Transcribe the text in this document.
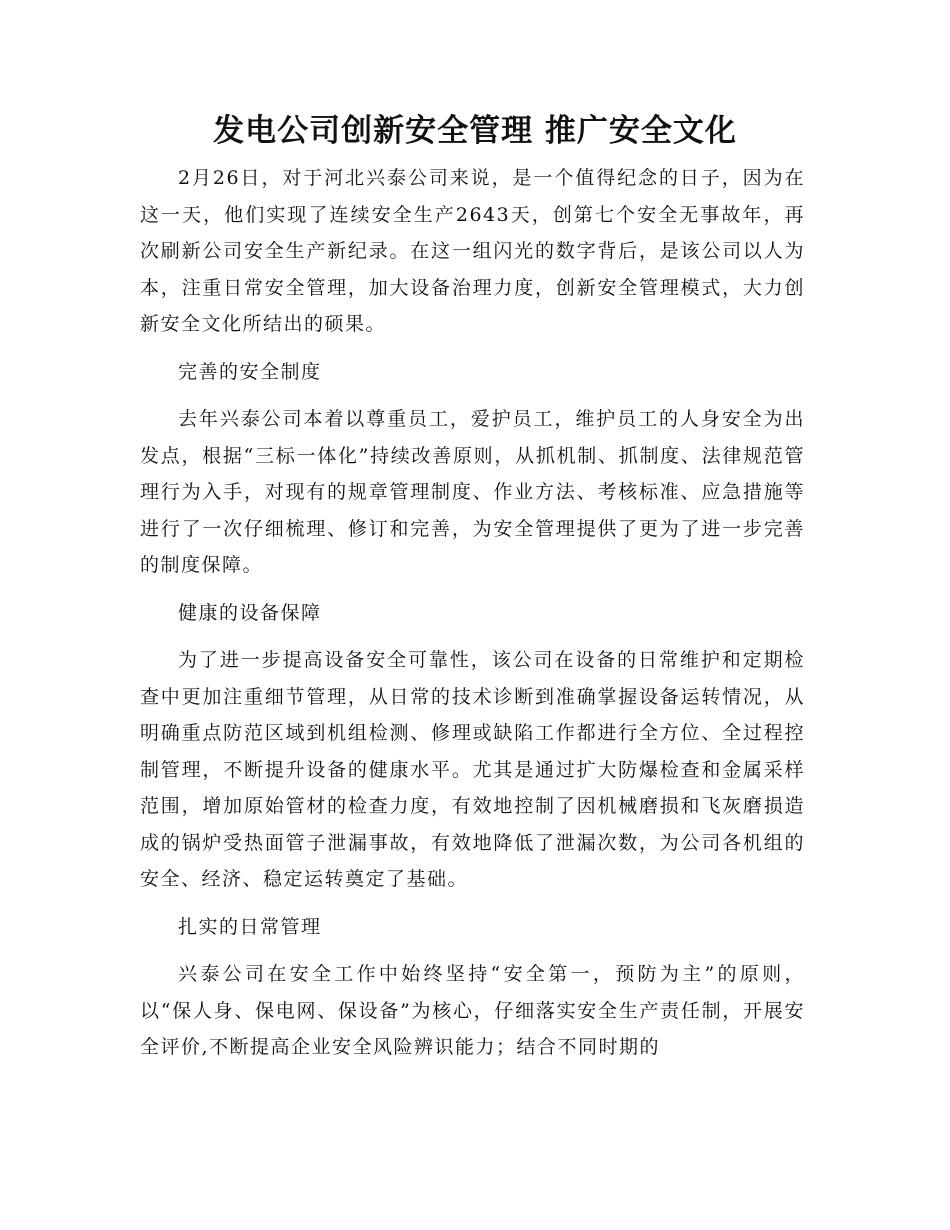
发电公司创新安全管理 推广安全文化

2月26日，对于河北兴泰公司来说，是一个值得纪念的日子，因为在这一天，他们实现了连续安全生产2643天，创第七个安全无事故年，再次刷新公司安全生产新纪录。在这一组闪光的数字背后，是该公司以人为本，注重日常安全管理，加大设备治理力度，创新安全管理模式，大力创新安全文化所结出的硕果。

完善的安全制度

去年兴泰公司本着以尊重员工，爱护员工，维护员工的人身安全为出发点，根据“三标一体化”持续改善原则，从抓机制、抓制度、法律规范管理行为入手，对现有的规章管理制度、作业方法、考核标准、应急措施等进行了一次仔细梳理、修订和完善，为安全管理提供了更为了进一步完善的制度保障。

健康的设备保障

为了进一步提高设备安全可靠性，该公司在设备的日常维护和定期检查中更加注重细节管理，从日常的技术诊断到准确掌握设备运转情况，从明确重点防范区域到机组检测、修理或缺陷工作都进行全方位、全过程控制管理，不断提升设备的健康水平。尤其是通过扩大防爆检查和金属采样范围，增加原始管材的检查力度，有效地控制了因机械磨损和飞灰磨损造成的锅炉受热面管子泄漏事故，有效地降低了泄漏次数，为公司各机组的安全、经济、稳定运转奠定了基础。

扎实的日常管理

兴泰公司在安全工作中始终坚持“安全第一，预防为主”的原则，以“保人身、保电网、保设备”为核心，仔细落实安全生产责任制，开展安全评价,不断提高企业安全风险辨识能力；结合不同时期的
